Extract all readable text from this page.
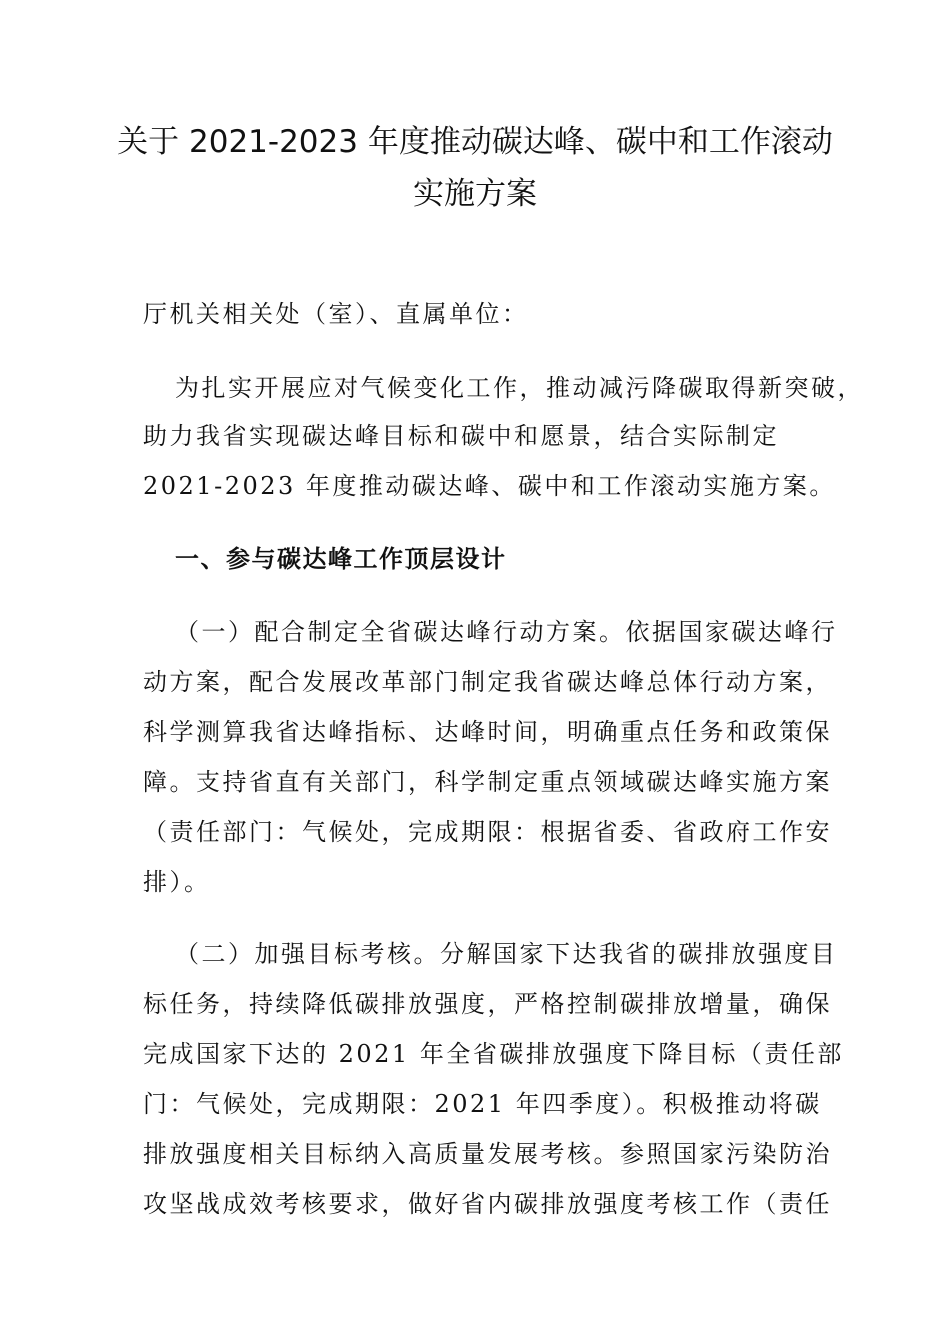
关于 2021-2023 年度推动碳达峰、碳中和工作滚动
实施方案
厅机关相关处（室）、直属单位：
为扎实开展应对气候变化工作，推动减污降碳取得新突破，
助力我省实现碳达峰目标和碳中和愿景，结合实际制定
2021-2023 年度推动碳达峰、碳中和工作滚动实施方案。
一、参与碳达峰工作顶层设计
（一）配合制定全省碳达峰行动方案。依据国家碳达峰行
动方案，配合发展改革部门制定我省碳达峰总体行动方案，
科学测算我省达峰指标、达峰时间，明确重点任务和政策保
障。支持省直有关部门，科学制定重点领域碳达峰实施方案
（责任部门：气候处，完成期限：根据省委、省政府工作安
排）。
（二）加强目标考核。分解国家下达我省的碳排放强度目
标任务，持续降低碳排放强度，严格控制碳排放增量，确保
完成国家下达的 2021 年全省碳排放强度下降目标（责任部
门：气候处，完成期限：2021 年四季度）。积极推动将碳
排放强度相关目标纳入高质量发展考核。参照国家污染防治
攻坚战成效考核要求，做好省内碳排放强度考核工作（责任
